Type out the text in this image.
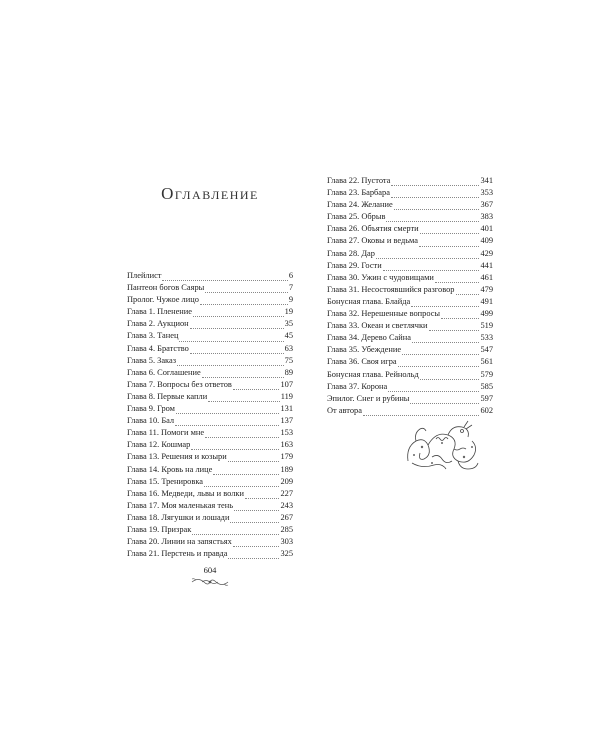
Оглавление
Плейлист	6
Пантеон богов Саяры	7
Пролог. Чужое лицо	9
Глава 1. Пленение	19
Глава 2. Аукцион	35
Глава 3. Танец	45
Глава 4. Братство	63
Глава 5. Заказ	75
Глава 6. Соглашение	89
Глава 7. Вопросы без ответов	107
Глава 8. Первые капли	119
Глава 9. Гром	131
Глава 10. Бал	137
Глава 11. Помоги мне	153
Глава 12. Кошмар	163
Глава 13. Решения и козыри	179
Глава 14. Кровь на лице	189
Глава 15. Тренировка	209
Глава 16. Медведи, львы и волки	227
Глава 17. Моя маленькая тень	243
Глава 18. Лягушки и лошади	267
Глава 19. Призрак	285
Глава 20. Линии на запястьях	303
Глава 21. Перстень и правда	325
604
Глава 22. Пустота	341
Глава 23. Барбара	353
Глава 24. Желание	367
Глава 25. Обрыв	383
Глава 26. Объятия смерти	401
Глава 27. Оковы и ведьма	409
Глава 28. Дар	429
Глава 29. Гости	441
Глава 30. Ужин с чудовищами	461
Глава 31. Несостоявшийся разговор	479
Бонусная глава. Блайда	491
Глава 32. Нерешенные вопросы	499
Глава 33. Океан и светлячки	519
Глава 34. Дерево Сайна	533
Глава 35. Убеждение	547
Глава 36. Своя игра	561
Бонусная глава. Рейнольд	579
Глава 37. Корона	585
Эпилог. Снег и рубины	597
От автора	602
